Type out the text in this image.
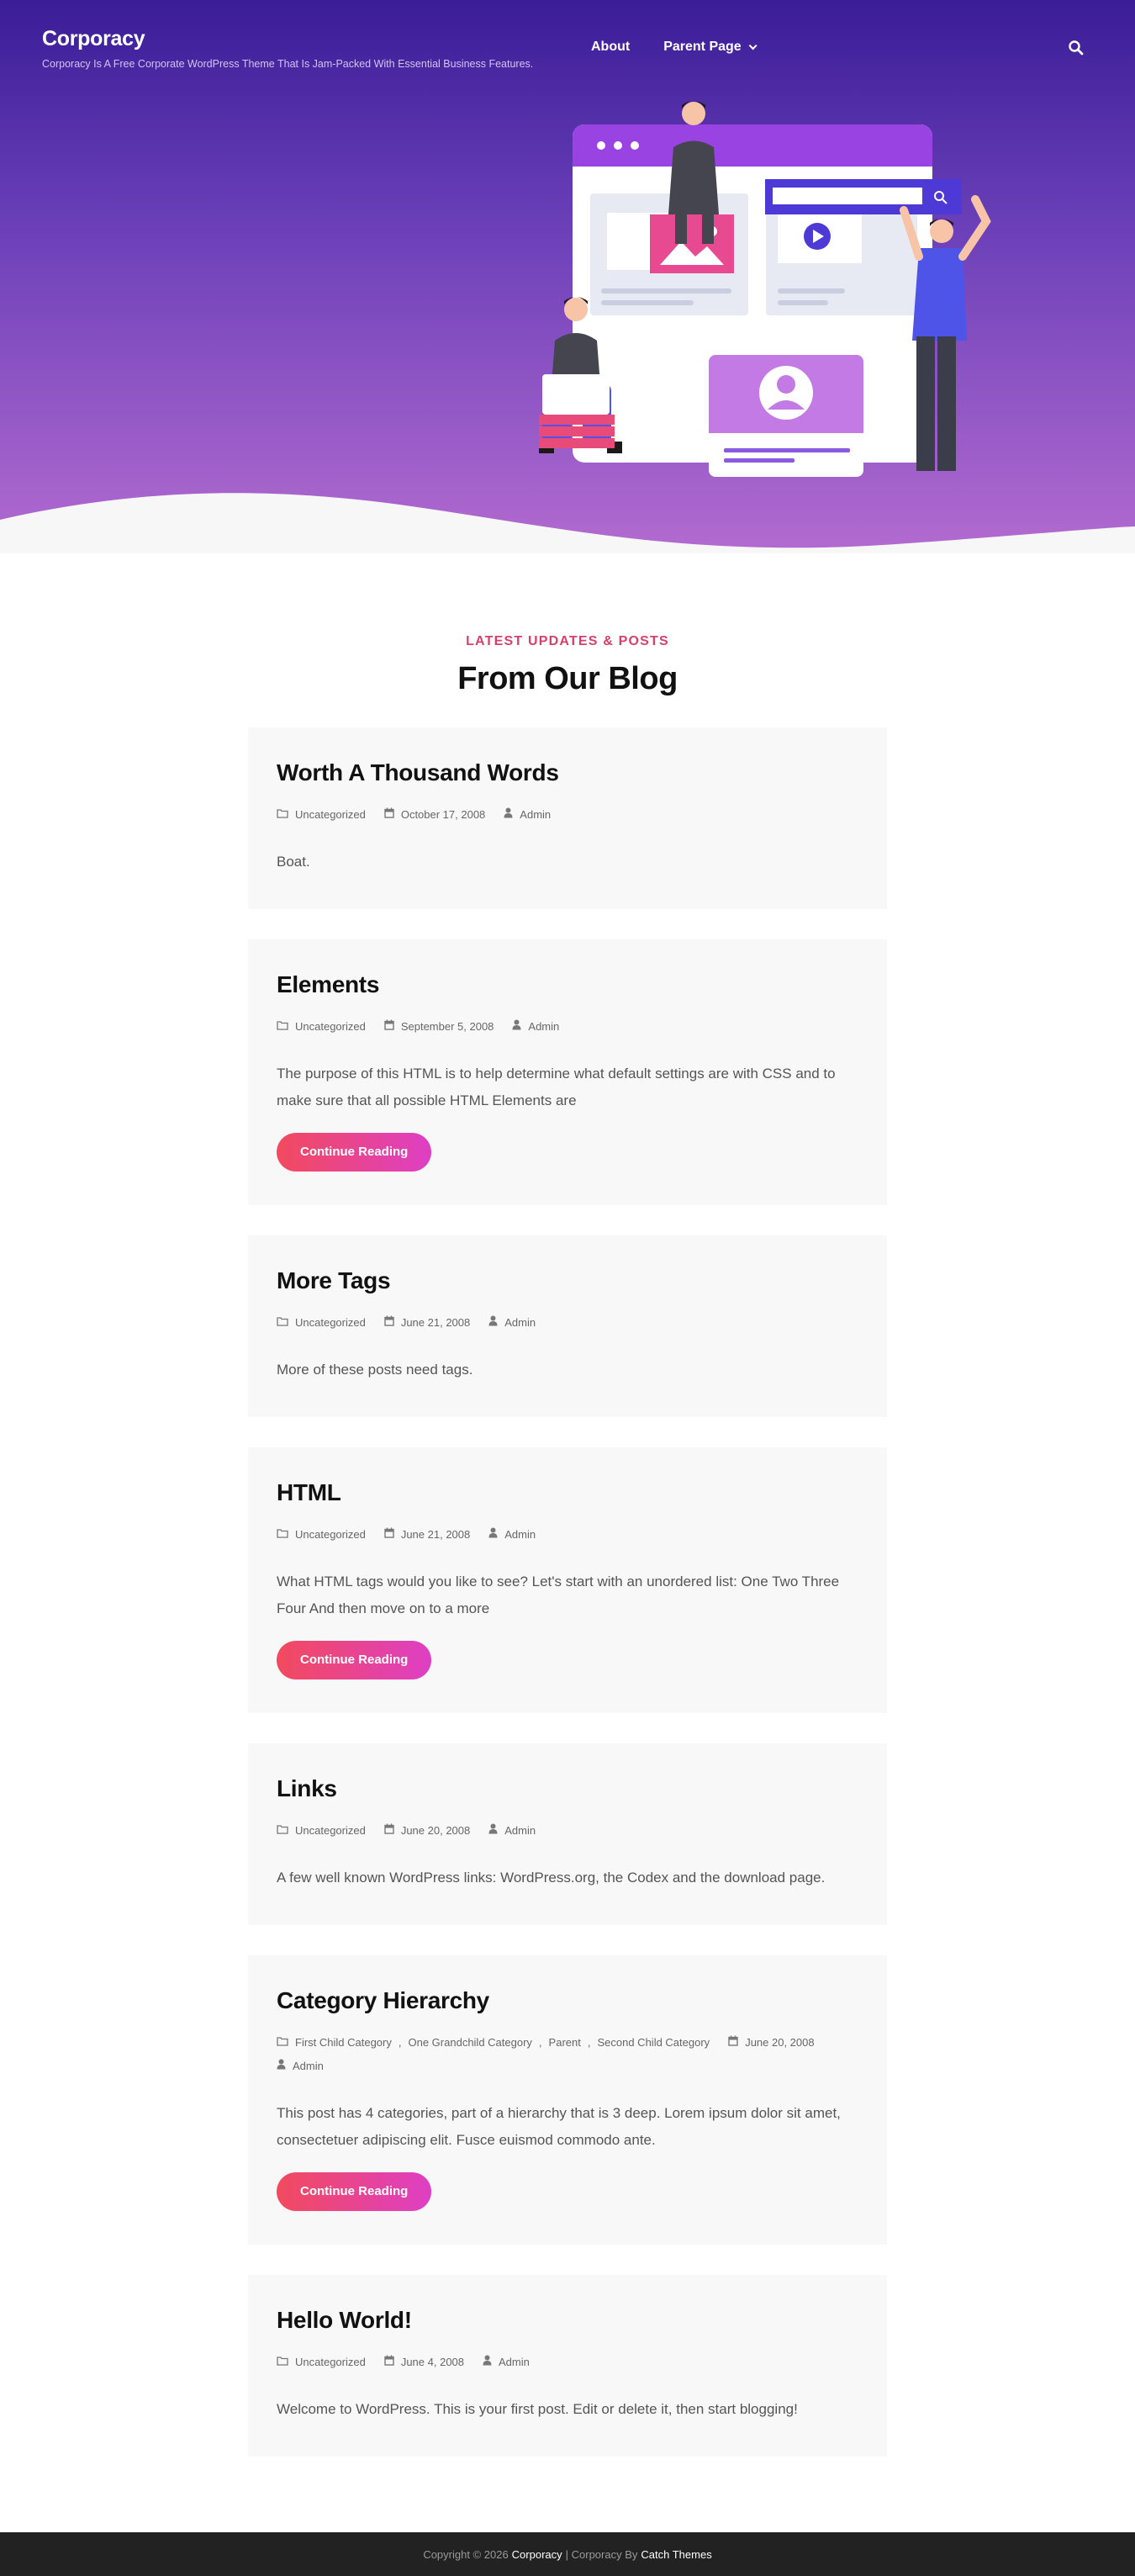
Corporacy
Corporacy Is A Free Corporate WordPress Theme That Is Jam-Packed With Essential Business Features.
About	Parent Page
LATEST UPDATES & POSTS
From Our Blog
Worth A Thousand Words
Uncategorized	October 17, 2008	Admin

Boat.

Elements
Uncategorized	September 5, 2008	Admin

The purpose of this HTML is to help determine what default settings are with CSS and to make sure that all possible HTML Elements are

Continue Reading
More Tags
Uncategorized	June 21, 2008	Admin

More of these posts need tags.

HTML
Uncategorized	June 21, 2008	Admin

What HTML tags would you like to see? Let's start with an unordered list: One Two Three Four And then move on to a more

Continue Reading
Links
Uncategorized	June 20, 2008	Admin

A few well known WordPress links: WordPress.org, the Codex and the download page.

Category Hierarchy
First Child Category , One Grandchild Category , Parent , Second Child Category	June 20, 2008
Admin

This post has 4 categories, part of a hierarchy that is 3 deep. Lorem ipsum dolor sit amet, consectetuer adipiscing elit. Fusce euismod commodo ante.

Continue Reading
Hello World!
Uncategorized	June 4, 2008	Admin

Welcome to WordPress. This is your first post. Edit or delete it, then start blogging!

Copyright © 2026 Corporacy | Corporacy By Catch Themes
